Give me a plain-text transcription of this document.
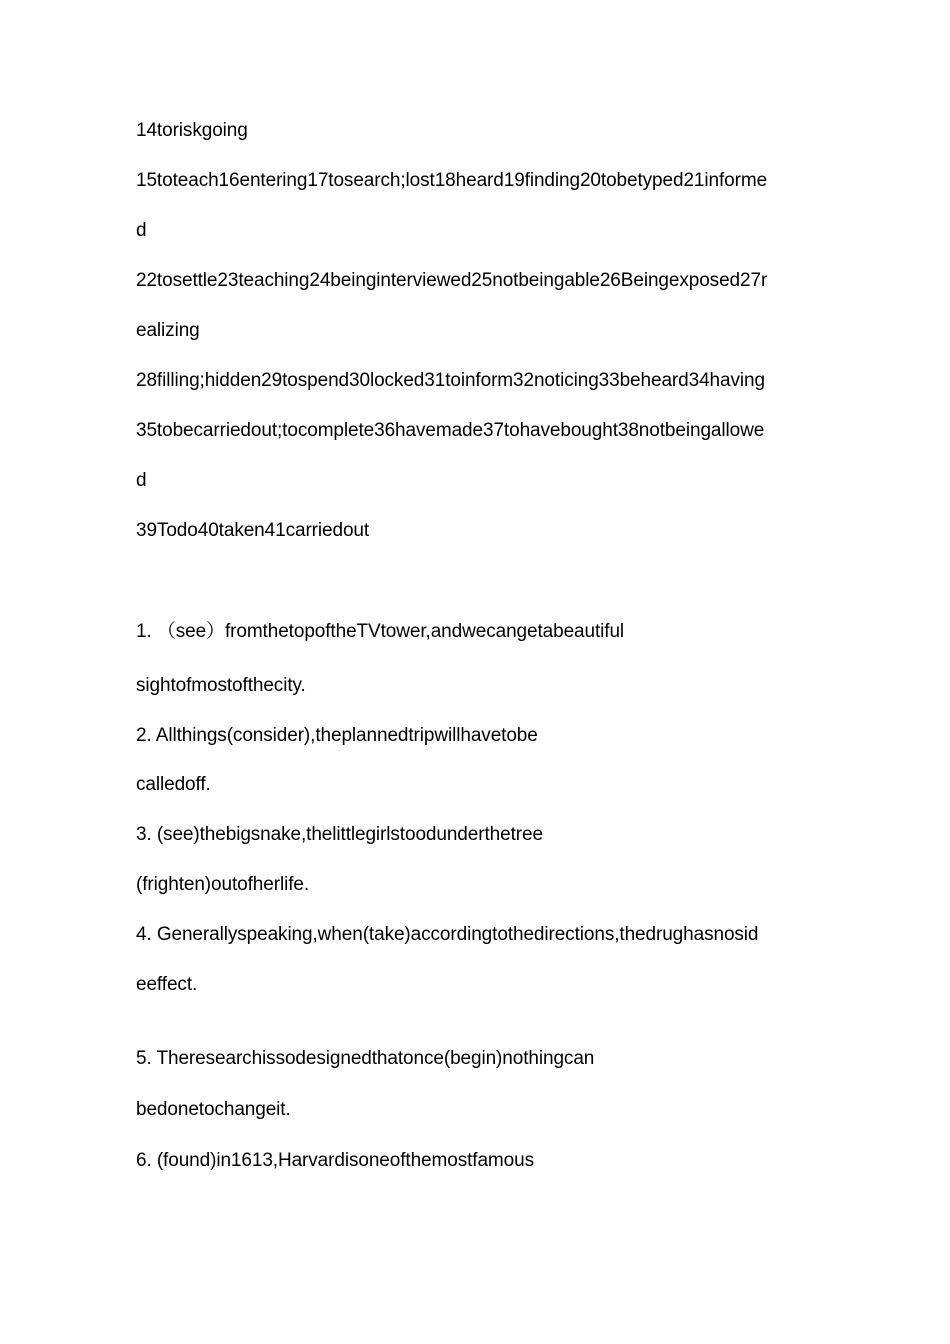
14toriskgoing
15toteach16entering17tosearch;lost18heard19finding20tobetyped21informe
d
22tosettle23teaching24beinginterviewed25notbeingable26Beingexposed27r
ealizing
28filling;hidden29tospend30locked31toinform32noticing33beheard34having
35tobecarriedout;tocomplete36havemade37tohavebought38notbeingallowe
d
39Todo40taken41carriedout
1. （see）fromthetopoftheTVtower,andwecangetabeautiful
sightofmostofthecity.
2. Allthings(consider),theplannedtripwillhavetobe
calledoff.
3. (see)thebigsnake,thelittlegirlstoodunderthetree
(frighten)outofherlife.
4. Generallyspeaking,when(take)accordingtothedirections,thedrughasnosid
eeffect.
5. Theresearchissodesignedthatonce(begin)nothingcan
bedonetochangeit.
6. (found)in1613,Harvardisoneofthemostfamous
